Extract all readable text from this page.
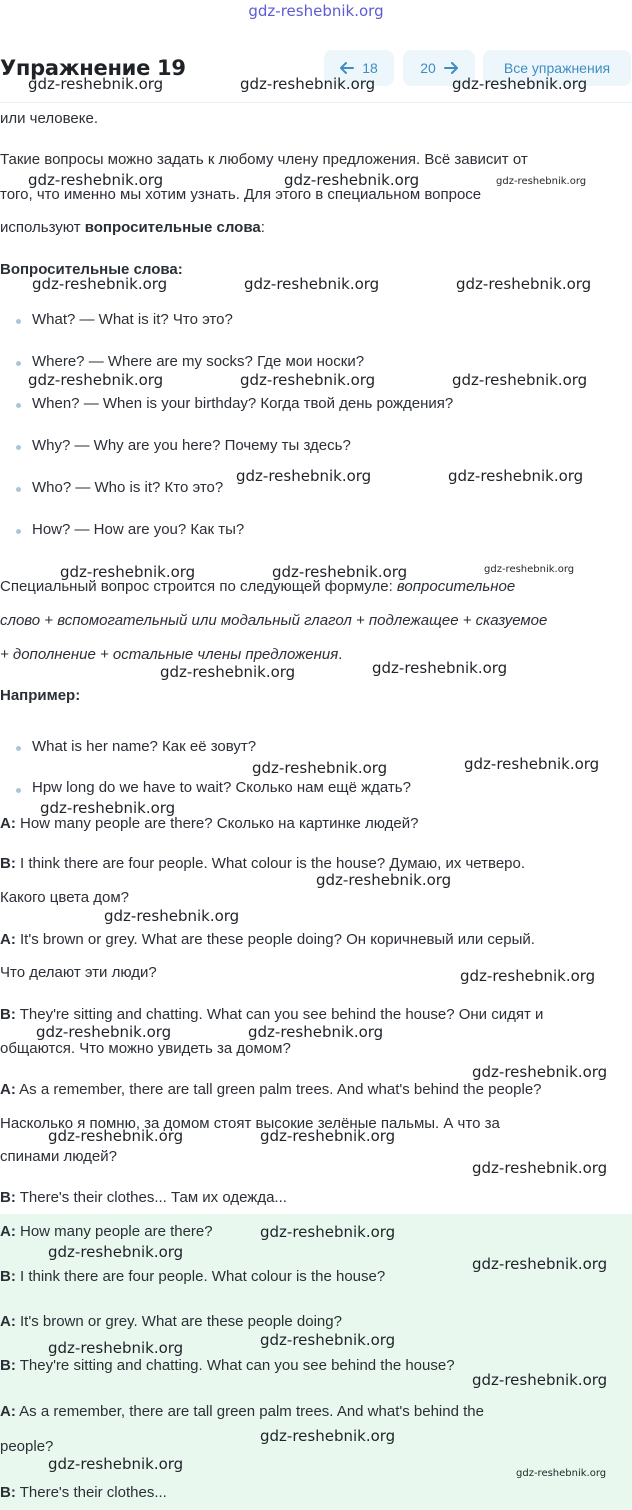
gdz-reshebnik.org
Упражнение 19	18	20	Все упражнения

или человеке.

Такие вопросы можно задать к любому члену предложения. Всё зависит от

того, что именно мы хотим узнать. Для этого в специальном вопросе

используют вопросительные слова:

Вопросительные слова:

What? — What is it? Что это?
Where? — Where are my socks? Где мои носки?
When? — When is your birthday? Когда твой день рождения?
Why? — Why are you here? Почему ты здесь?
Who? — Who is it? Кто это?
How? — How are you? Как ты?

Специальный вопрос строится по следующей формуле: вопросительное

слово + вспомогательный или модальный глагол + подлежащее + сказуемое

+ дополнение + остальные члены предложения.

Например:

What is her name? Как её зовут?
Hpw long do we have to wait? Сколько нам ещё ждать?

A: How many people are there? Сколько на картинке людей?

B: I think there are four people. What colour is the house? Думаю, их четверо.

Какого цвета дом?

A: It's brown or grey. What are these people doing? Он коричневый или серый.

Что делают эти люди?

B: They're sitting and chatting. What can you see behind the house? Они сидят и

общаются. Что можно увидеть за домом?

A: As a remember, there are tall green palm trees. And what's behind the people?

Насколько я помню, за домом стоят высокие зелёные пальмы. А что за

спинами людей?

B: There's their clothes... Там их одежда...

A: How many people are there?

B: I think there are four people. What colour is the house?

A: It's brown or grey. What are these people doing?

B: They're sitting and chatting. What can you see behind the house?

A: As a remember, there are tall green palm trees. And what's behind the

people?

B: There's their clothes...

gdz-reshebnik.org	gdz-reshebnik.org	gdz-reshebnik.org
gdz-reshebnik.org	gdz-reshebnik.org	gdz-reshebnik.org
gdz-reshebnik.org	gdz-reshebnik.org	gdz-reshebnik.org
gdz-reshebnik.org	gdz-reshebnik.org	gdz-reshebnik.org
gdz-reshebnik.org	gdz-reshebnik.org
gdz-reshebnik.org	gdz-reshebnik.org	gdz-reshebnik.org
gdz-reshebnik.org	gdz-reshebnik.org
gdz-reshebnik.org	gdz-reshebnik.org
gdz-reshebnik.org
gdz-reshebnik.org
gdz-reshebnik.org
gdz-reshebnik.org
gdz-reshebnik.org	gdz-reshebnik.org
gdz-reshebnik.org
gdz-reshebnik.org	gdz-reshebnik.org
gdz-reshebnik.org
gdz-reshebnik.org
gdz-reshebnik.org
gdz-reshebnik.org
gdz-reshebnik.org
gdz-reshebnik.org
gdz-reshebnik.org
gdz-reshebnik.org
gdz-reshebnik.org
gdz-reshebnik.org
